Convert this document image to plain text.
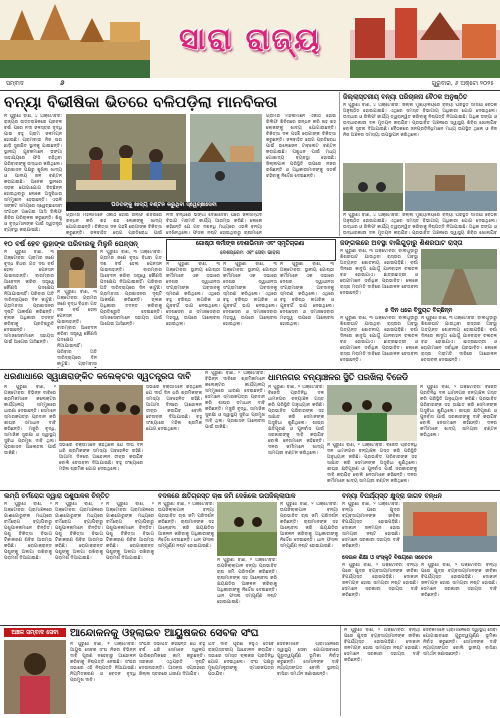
ସାରା ରାଜ୍ୟ
ସମ୍ବାଦ	୬	ଗୁରୁବାର, ୬ ଅକ୍ଟୋ ୨୦୨୫
ବନ୍ୟା ବିଭୀଷିକା ଭିତରେ ବଳିପଡ଼ିଲା ମାନବିକତା
ନ ପୁରୁଣା ବାଣି, ୪ ଅକ୍ଟୋବର: ରାଜ୍ୟର ଉତ୍ତରାଞ୍ଚଳରେ ପ୍ରବଳ ବର୍ଷା ପରେ ନଦୀ ଜଳସ୍ତର ବୃଦ୍ଧି ପାଇ ବହୁ ଗ୍ରାମ ଜଳମଗ୍ନ ହୋଇଛି। ଗ୍ରାମବାସୀ ନିଜ ଘର ଛାଡ଼ି ସୁରକ୍ଷିତ ସ୍ଥାନକୁ ଯାଇଛନ୍ତି। ସ୍ଥାନୀୟ ଯୁବକମାନେ ଡଙ୍ଗା ସାହାଯ୍ୟରେ ଫସି ରହିଥିବା ପରିବାରଙ୍କୁ ଉଦ୍ଧାର କରିଥିଲେ। ପ୍ରଶାସନ ପକ୍ଷରୁ ଶୁଖିଲା ଖାଦ୍ୟ ଓ ପାନୀୟ ଜଳ ବଣ୍ଟନ କରାଯାଇଛି। ଅନେକ ସ୍ଥାନରେ ସଡ଼କ ଯୋଗାଯୋଗ ବିଚ୍ଛିନ୍ନ ହୋଇଥିବାରୁ ଲୋକେ ଅସୁବିଧାର ସମ୍ମୁଖୀନ ହେଉଛନ୍ତି। ଏଭଳି ସଙ୍କଟ ସମୟରେ ସ୍ୱେଚ୍ଛାସେବୀ ସଂଗଠନ ଆଗେଇ ଆସି ରିଲିଫ ଶିବିର ପରିଚାଳନା କରୁଛନ୍ତି। ଶିଶୁ ଓ ବୃଦ୍ଧମାନଙ୍କ ପାଇଁ ସ୍ୱତନ୍ତ୍ର ବ୍ୟବସ୍ଥା କରାଯାଇଛି।
ପିଡିତଙ୍କୁ ଖାଦ୍ୟ ବଣ୍ଟନ କରୁଥିବା ସ୍ୱେଚ୍ଛାସେବୀ
ଗ୍ରାମର ମହିଳାମାନେ ଏକାଠି ହୋଇ ରିଲିଫ ଶିବିରରେ ରନ୍ଧନ କରି ଶହ ଶହ ଲୋକଙ୍କୁ ଖାଦ୍ୟ ଯୋଗାଉଛନ୍ତି। ଚିକିତ୍ସା ଦଳ ପହଞ୍ଚି ରୋଗୀଙ୍କ ଚିକିତ୍ସା କରୁଛନ୍ତି। ଜଳବାହିତ ରୋଗ ପ୍ରତିରୋଧ ପାଇଁ
ନଦୀ ବନ୍ଧରେ ଭଙ୍ଗା ଦେଖାଦେବା ପରେ ଜଳସମ୍ପଦ ବିଭାଗ ମରାମତି କାର୍ଯ୍ୟ ଆରମ୍ଭ କରିଛି। ଲୋକେ କହିଛନ୍ତି ଯେ ଗତ ଦଶନ୍ଧି ମଧ୍ୟରେ ଏଭଳି ବନ୍ୟା ଦେଖିନଥିଲେ। ଫସଲ ନଷ୍ଟ ହୋଇଥିବାରୁ ଚାଷୀମାନେ
ଗ୍ରାମର ମହିଳାମାନେ ଏକାଠି ହୋଇ ରିଲିଫ ଶିବିରରେ ରନ୍ଧନ କରି ଶହ ଶହ ଲୋକଙ୍କୁ ଖାଦ୍ୟ ଯୋଗାଉଛନ୍ତି। ଚିକିତ୍ସା ଦଳ ପହଞ୍ଚି ରୋଗୀଙ୍କ ଚିକିତ୍ସା କରୁଛନ୍ତି। ଜଳବାହିତ ରୋଗ ପ୍ରତିରୋଧ ପାଇଁ ହାଲୋଜେନ ଟାବଲେଟ ବଣ୍ଟନ କରାଯାଇଛି। ପଶୁଧନ ପାଇଁ ମଧ୍ୟ ଗୋଖାଦ୍ୟ ବ୍ୟବସ୍ଥା ହୋଇଛି। ଜିଲ୍ଲାପାଳ ପରିସ୍ଥିତି ଉପରେ ନଜର ରଖିଛନ୍ତି ଓ ଅଧିକାରୀମାନଙ୍କୁ ସତର୍କ ରହିବାକୁ ନିର୍ଦ୍ଦେଶ ଦେଇଛନ୍ତି।
ଜିଲ୍ଲାସ୍ତରୀୟ ବନ୍ୟା ପରିଚାଳନା ବୈଠକ ଅନୁଷ୍ଠିତ
ନ ପୁରୁଣା ବାଣି, ୪ ଅକ୍ଟୋବର: ଜିଲ୍ଲା ମୁଖ୍ୟାଳୟରେ ବନ୍ୟା ପରିସ୍ଥିତି ସମୀକ୍ଷା ବୈଠକ ଅନୁଷ୍ଠିତ ହୋଇଯାଇଛି। ଏଥିରେ ସମସ୍ତ ବିଭାଗୀୟ ଅଧିକାରୀ ଯୋଗ ଦେଇଥିଲେ। ଉଦ୍ଧାର ଓ ରିଲିଫ କାର୍ଯ୍ୟ ତ୍ୱରାନ୍ୱିତ କରିବାକୁ ନିଷ୍ପତ୍ତି ନିଆଯାଇଛି। ଅଧିକ ଡଙ୍ଗା ଓ ଉଦ୍ଧାରକାରୀ ଦଳ ମୁତୟନ କରାଯିବ। ପ୍ରଭାବିତ ଅଞ୍ଚଳରେ ସ୍ୱାସ୍ଥ୍ୟ ଶିବିର ଖୋଲାଯିବ ବୋଲି ସୂଚନା ଦିଆଯାଇଛି। ବୈଠକରେ ଜନପ୍ରତିନିଧିମାନେ ମଧ୍ୟ ଉପସ୍ଥିତ ଥିଲେ ଓ ନିଜ ନିଜ ଅଞ୍ଚଳର ସମସ୍ୟା ଉପସ୍ଥାପନ କରିଥିଲେ।
ନ ପୁରୁଣା ବାଣି, ୪ ଅକ୍ଟୋବର: ଜିଲ୍ଲା ମୁଖ୍ୟାଳୟରେ ବନ୍ୟା ପରିସ୍ଥିତି ସମୀକ୍ଷା ବୈଠକ ଅନୁଷ୍ଠିତ ହୋଇଯାଇଛି। ଏଥିରେ ସମସ୍ତ ବିଭାଗୀୟ ଅଧିକାରୀ ଯୋଗ ଦେଇଥିଲେ। ଉଦ୍ଧାର ଓ ରିଲିଫ କାର୍ଯ୍ୟ ତ୍ୱରାନ୍ୱିତ କରିବାକୁ ନିଷ୍ପତ୍ତି ନିଆଯାଇଛି। ଅଧିକ ଡଙ୍ଗା ଓ ଉଦ୍ଧାରକାରୀ ଦଳ ମୁତୟନ କରାଯିବ। ପ୍ରଭାବିତ ଅଞ୍ଚଳରେ ସ୍ୱାସ୍ଥ୍ୟ ଶିବିର ଖୋଲାଯିବ
୧୦ ବର୍ଷ ହେବ ଲୁହାଙ୍କ ପରିବାରକୁ ମିଳୁନି ପେନ୍‌ସନ୍
ନ ପୁରୁଣା ବାଣି, ୩ ଅକ୍ଟୋବର: ଗ୍ରାମର ଜଣେ ବୃଦ୍ଧ ବିଧବା ଗତ ଦଶ ବର୍ଷ ହେଲା ପେନସନ ପାଇନାହାନ୍ତି। ବାରମ୍ବାର ଆବେଦନ କରିବା ସତ୍ତ୍ୱେ କୌଣସି ପଦକ୍ଷେପ ନିଆଯାଇନାହିଁ। ପରିବାର ଅତି ଦାରିଦ୍ର୍ୟରେ ଦିନ କାଟୁଛି। ଗ୍ରାମବାସୀ ପ୍ରଶାସନର ଦୃଷ୍ଟି ଆକର୍ଷଣ କରିଛନ୍ତି। ବ୍ଲକ ଅଧିକାରୀ ତଦନ୍ତ କରିବାକୁ ପ୍ରତିଶ୍ରୁତି ଦେଇଛନ୍ତି। ସମାଜସେବୀମାନେ ସହାୟତା ପାଇଁ ଆଗେଇ ଆସିଛନ୍ତି।
ନ ପୁରୁଣା ବାଣି, ୩ ଅକ୍ଟୋବର: ଗ୍ରାମର ଜଣେ ବୃଦ୍ଧ ବିଧବା ଗତ ଦଶ ବର୍ଷ ହେଲା ପେନସନ ପାଇନାହାନ୍ତି। ବାରମ୍ବାର ଆବେଦନ କରିବା ସତ୍ତ୍ୱେ କୌଣସି ପଦକ୍ଷେପ ନିଆଯାଇନାହିଁ। ପରିବାର ଅତି ଦାରିଦ୍ର୍ୟରେ ଦିନ କାଟୁଛି। ଗ୍ରାମବାସୀ
ନ ପୁରୁଣା ବାଣି, ୩ ଅକ୍ଟୋବର: ଗ୍ରାମର ଜଣେ ବୃଦ୍ଧ ବିଧବା ଗତ ଦଶ ବର୍ଷ ହେଲା ପେନସନ ପାଇନାହାନ୍ତି। ବାରମ୍ବାର ଆବେଦନ କରିବା ସତ୍ତ୍ୱେ କୌଣସି ପଦକ୍ଷେପ ନିଆଯାଇନାହିଁ। ପରିବାର ଅତି ଦାରିଦ୍ର୍ୟରେ ଦିନ କାଟୁଛି। ଗ୍ରାମବାସୀ ପ୍ରଶାସନର ଦୃଷ୍ଟି ଆକର୍ଷଣ କରିଛନ୍ତି। ବ୍ଲକ ଅଧିକାରୀ ତଦନ୍ତ କରିବାକୁ ପ୍ରତିଶ୍ରୁତି ଦେଇଛନ୍ତି। ସମାଜସେବୀମାନେ ସହାୟତା ପାଇଁ ଆଗେଇ ଆସିଛନ୍ତି।
ଗୋଷ୍ଠୀ କର୍ମୀଙ୍କ ଦେଶାଭିମାନ ଏବଂ ସ୍ମୃତିଚାରଣା
ଦେଶପ୍ରେମ ଏବଂ ସେବା ଭାବନା
ନ ପୁରୁଣା ବାଣି, ୩ ଅକ୍ଟୋବର: ସ୍ଥାନୀୟ ଗୋଷ୍ଠୀ କର୍ମୀମାନେ ଏକ ସଭାରେ ଦେଶର ସ୍ୱାଧୀନତା ସଂଗ୍ରାମୀଙ୍କ ଅବଦାନକୁ ସ୍ମରଣ କରିଥିଲେ। ଏଥିରେ ବହୁ ବରିଷ୍ଠ ନାଗରିକ ଓ ଯୁବବର୍ଗ ଭାଗ ନେଇଥିଲେ। ଦେଶସେବା ଓ ସମାଜସେବାର ମହତ୍ତ୍ୱ ଉପରେ ଆଲୋଚନା ହୋଇଥିଲା।
ନ ପୁରୁଣା ବାଣି, ୩ ଅକ୍ଟୋବର: ସ୍ଥାନୀୟ ଗୋଷ୍ଠୀ କର୍ମୀମାନେ ଏକ ସଭାରେ ଦେଶର ସ୍ୱାଧୀନତା ସଂଗ୍ରାମୀଙ୍କ ଅବଦାନକୁ ସ୍ମରଣ କରିଥିଲେ। ଏଥିରେ ବହୁ ବରିଷ୍ଠ ନାଗରିକ ଓ ଯୁବବର୍ଗ ଭାଗ ନେଇଥିଲେ। ଦେଶସେବା ଓ ସମାଜସେବାର ମହତ୍ତ୍ୱ ଉପରେ ଆଲୋଚନା ହୋଇଥିଲା।
ନ ପୁରୁଣା ବାଣି, ୩ ଅକ୍ଟୋବର: ସ୍ଥାନୀୟ ଗୋଷ୍ଠୀ କର୍ମୀମାନେ ଏକ ସଭାରେ ଦେଶର ସ୍ୱାଧୀନତା ସଂଗ୍ରାମୀଙ୍କ ଅବଦାନକୁ ସ୍ମରଣ କରିଥିଲେ। ଏଥିରେ ବହୁ ବରିଷ୍ଠ ନାଗରିକ ଓ ଯୁବବର୍ଗ ଭାଗ ନେଇଥିଲେ। ଦେଶସେବା ଓ ସମାଜସେବାର ମହତ୍ତ୍ୱ ଉପରେ ଆଲୋଚନା ହୋଇଥିଲା।
ଜଙ୍ଗଲରେ ଅବସ୍ଥା ବାଲିଗୁଡ଼ାରୁ ଶିଶରଘାଟ ରାସ୍ତା
ନ ପୁରୁଣା ବାଣି, ୩ ଅକ୍ଟୋବର: ବାଲିଗୁଡ଼ାରୁ ଶିଶରଘାଟ ଯାଉଥିବା ରାସ୍ତାର ଅବସ୍ଥା ଅତ୍ୟନ୍ତ ଶୋଚନୀୟ ହୋଇପଡ଼ିଛି। ବର୍ଷା ଦିନରେ କାଦୁଅ ଯୋଗୁଁ ଯାନବାହନ ଚଳାଚଳ ବନ୍ଦ ହୋଇଯାଏ। ଛାତ୍ରଛାତ୍ରୀ ଓ ରୋଗୀମାନେ ସର୍ବାଧିକ ପ୍ରଭାବିତ। ଲୋକେ ରାସ୍ତା ମରାମତି ଦାବିରେ ଆନ୍ଦୋଳନ ଚେତାବନୀ ଦେଇଛନ୍ତି।
୫ ଦିନ ଧରେ ବିଦ୍ୟୁତ ବିଚ୍ଛିନ୍ନ
ନ ପୁରୁଣା ବାଣି, ୩ ଅକ୍ଟୋବର: ବାଲିଗୁଡ଼ାରୁ ଶିଶରଘାଟ ଯାଉଥିବା ରାସ୍ତାର ଅବସ୍ଥା ଅତ୍ୟନ୍ତ ଶୋଚନୀୟ ହୋଇପଡ଼ିଛି। ବର୍ଷା ଦିନରେ କାଦୁଅ ଯୋଗୁଁ ଯାନବାହନ ଚଳାଚଳ ବନ୍ଦ ହୋଇଯାଏ। ଛାତ୍ରଛାତ୍ରୀ ଓ ରୋଗୀମାନେ ସର୍ବାଧିକ ପ୍ରଭାବିତ। ଲୋକେ ରାସ୍ତା ମରାମତି ଦାବିରେ ଆନ୍ଦୋଳନ ଚେତାବନୀ ଦେଇଛନ୍ତି।
ନ ପୁରୁଣା ବାଣି, ୩ ଅକ୍ଟୋବର: ବାଲିଗୁଡ଼ାରୁ ଶିଶରଘାଟ ଯାଉଥିବା ରାସ୍ତାର ଅବସ୍ଥା ଅତ୍ୟନ୍ତ ଶୋଚନୀୟ ହୋଇପଡ଼ିଛି। ବର୍ଷା ଦିନରେ କାଦୁଅ ଯୋଗୁଁ ଯାନବାହନ ଚଳାଚଳ ବନ୍ଦ ହୋଇଯାଏ। ଛାତ୍ରଛାତ୍ରୀ ଓ ରୋଗୀମାନେ ସର୍ବାଧିକ ପ୍ରଭାବିତ। ଲୋକେ ରାସ୍ତା ମରାମତି ଦାବିରେ ଆନ୍ଦୋଳନ ଚେତାବନୀ ଦେଇଛନ୍ତି।
ଧରଣାଧାରେ ସ୍ୱାକ୍ଷରାଙ୍କିତ କଲେକ୍ଟର ସ୍ୱତନ୍ତ୍ରତା ଦାବି
ନ ପୁରୁଣା ବାଣି, ୨ ଅକ୍ଟୋବର: ବିଭିନ୍ନ ଦାବିରେ ଶ୍ରମିକମାନେ କଲେକ୍ଟର କାର୍ଯ୍ୟାଳୟ ସମ୍ମୁଖରେ ଧାରଣା ଦେଇଛନ୍ତି। ସେମାନେ ସ୍ମାରକପତ୍ର ପ୍ରଦାନ କରି ଶୀଘ୍ର ସମାଧାନ ଦାବି କରିଛନ୍ତି। ମଜୁରି ବୃଦ୍ଧି, ସାମାଜିକ ସୁରକ୍ଷା ଓ ସ୍ୱାସ୍ଥ୍ୟ ସୁବିଧା ପ୍ରମୁଖ ଦାବି ଥିଲା। ପ୍ରଶାସନ ଆଲୋଚନା ପାଇଁ ଡାକିଛି।
ସଭାରେ ବକ୍ତାମାନେ କହିଥିଲେ ଯେ ଦୀର୍ଘ ଦିନ ଧରି ଶ୍ରମିକଙ୍କ ସମସ୍ୟା ଅବହେଳିତ ରହିଛି। ଆଗାମୀ ଦିନରେ ଆନ୍ଦୋଳନ ତୀବ୍ର କରାଯିବ ବୋଲି ଚେତାବନୀ ଦିଆଯାଇଛି। ବହୁ ସଂଖ୍ୟାରେ ମହିଳା ଶ୍ରମିକ ଯୋଗ ଦେଇଥିଲେ।
ସଭାରେ ବକ୍ତାମାନେ କହିଥିଲେ ଯେ ଦୀର୍ଘ ଦିନ ଧରି ଶ୍ରମିକଙ୍କ ସମସ୍ୟା ଅବହେଳିତ ରହିଛି। ଆଗାମୀ ଦିନରେ ଆନ୍ଦୋଳନ ତୀବ୍ର କରାଯିବ ବୋଲି ଚେତାବନୀ ଦିଆଯାଇଛି। ବହୁ ସଂଖ୍ୟାରେ ମହିଳା ଶ୍ରମିକ ଯୋଗ ଦେଇଥିଲେ।
ନ ପୁରୁଣା ବାଣି, ୨ ଅକ୍ଟୋବର: ବିଭିନ୍ନ ଦାବିରେ ଶ୍ରମିକମାନେ କଲେକ୍ଟର କାର୍ଯ୍ୟାଳୟ ସମ୍ମୁଖରେ ଧାରଣା ଦେଇଛନ୍ତି। ସେମାନେ ସ୍ମାରକପତ୍ର ପ୍ରଦାନ କରି ଶୀଘ୍ର ସମାଧାନ ଦାବି କରିଛନ୍ତି। ମଜୁରି ବୃଦ୍ଧି, ସାମାଜିକ ସୁରକ୍ଷା ଓ ସ୍ୱାସ୍ଥ୍ୟ ସୁବିଧା ପ୍ରମୁଖ ଦାବି ଥିଲା। ପ୍ରଶାସନ ଆଲୋଚନା ପାଇଁ ଡାକିଛି।
ଧାମନଗର ବନ୍ୟାଞ୍ଚଳର ସ୍ଥିତି ପରଖିଲା ବିଜେଡି
ନ ପୁରୁଣା ବାଣି, ୨ ଅକ୍ଟୋବର: ବିଜେଡି ପ୍ରତିନିଧି ଦଳ ଧାମନଗର ବନ୍ୟାଞ୍ଚଳ ଗସ୍ତ କରି ପରିସ୍ଥିତି ଅନୁଧ୍ୟାନ କରିଛି। ପ୍ରଭାବିତ ପରିବାରଙ୍କ ସହ ସାକ୍ଷାତ କରି ସେମାନଙ୍କ ଅସୁବିଧା ଶୁଣିଥିଲେ। ଶୀଘ୍ର କ୍ଷତିପୂରଣ ଓ ପୁନର୍ବାସ ପାଇଁ ସରକାରଙ୍କୁ ଦାବି କରାଯିବ ବୋଲି ନେତାମାନେ କହିଛନ୍ତି। ଦଳର କର୍ମୀମାନେ ଖାଦ୍ୟ ସାମଗ୍ରୀ ବଣ୍ଟନ କରିଥିଲେ।
ନ ପୁରୁଣା ବାଣି, ୨ ଅକ୍ଟୋବର: ବିଜେଡି ପ୍ରତିନିଧି ଦଳ ଧାମନଗର ବନ୍ୟାଞ୍ଚଳ ଗସ୍ତ କରି ପରିସ୍ଥିତି ଅନୁଧ୍ୟାନ କରିଛି। ପ୍ରଭାବିତ ପରିବାରଙ୍କ ସହ ସାକ୍ଷାତ କରି ସେମାନଙ୍କ ଅସୁବିଧା ଶୁଣିଥିଲେ। ଶୀଘ୍ର କ୍ଷତିପୂରଣ ଓ ପୁନର୍ବାସ ପାଇଁ ସରକାରଙ୍କୁ ଦାବି କରାଯିବ ବୋଲି ନେତାମାନେ କହିଛନ୍ତି। ଦଳର କର୍ମୀମାନେ ଖାଦ୍ୟ ସାମଗ୍ରୀ ବଣ୍ଟନ କରିଥିଲେ।
ନ ପୁରୁଣା ବାଣି, ୨ ଅକ୍ଟୋବର: ବିଜେଡି ପ୍ରତିନିଧି ଦଳ ଧାମନଗର ବନ୍ୟାଞ୍ଚଳ ଗସ୍ତ କରି ପରିସ୍ଥିତି ଅନୁଧ୍ୟାନ କରିଛି। ପ୍ରଭାବିତ ପରିବାରଙ୍କ ସହ ସାକ୍ଷାତ କରି ସେମାନଙ୍କ ଅସୁବିଧା ଶୁଣିଥିଲେ। ଶୀଘ୍ର କ୍ଷତିପୂରଣ ଓ ପୁନର୍ବାସ ପାଇଁ ସରକାରଙ୍କୁ ଦାବି କରାଯିବ ବୋଲି ନେତାମାନେ କହିଛନ୍ତି। ଦଳର କର୍ମୀମାନେ ଖାଦ୍ୟ ସାମଗ୍ରୀ ବଣ୍ଟନ କରିଥିଲେ।
ଲମ୍ପି ଚର୍ମରୋଗ ଦ୍ୱାରା ପଶୁପାଳକ ଚିନ୍ତିତ
ନ ପୁରୁଣା ବାଣି, ୨ ଅକ୍ଟୋବର: ଗ୍ରାମାଞ୍ଚଳରେ ଗାଈଗୋରୁଙ୍କ ମଧ୍ୟରେ ଚର୍ମରୋଗ ବ୍ୟାପିବାରୁ ପଶୁପାଳକମାନେ ଚିନ୍ତିତ। ପଶୁ ଚିକିତ୍ସା ବିଭାଗ ଟିକାକରଣ ଶିବିର ଆରମ୍ଭ କରିଛି। ରୋଗାକ୍ରାନ୍ତ ପଶୁଙ୍କୁ ଅଲଗା ରଖିବାକୁ ପରାମର୍ଶ ଦିଆଯାଇଛି।
ନ ପୁରୁଣା ବାଣି, ୨ ଅକ୍ଟୋବର: ଗ୍ରାମାଞ୍ଚଳରେ ଗାଈଗୋରୁଙ୍କ ମଧ୍ୟରେ ଚର୍ମରୋଗ ବ୍ୟାପିବାରୁ ପଶୁପାଳକମାନେ ଚିନ୍ତିତ। ପଶୁ ଚିକିତ୍ସା ବିଭାଗ ଟିକାକରଣ ଶିବିର ଆରମ୍ଭ କରିଛି। ରୋଗାକ୍ରାନ୍ତ ପଶୁଙ୍କୁ ଅଲଗା ରଖିବାକୁ ପରାମର୍ଶ ଦିଆଯାଇଛି।
ନ ପୁରୁଣା ବାଣି, ୨ ଅକ୍ଟୋବର: ଗ୍ରାମାଞ୍ଚଳରେ ଗାଈଗୋରୁଙ୍କ ମଧ୍ୟରେ ଚର୍ମରୋଗ ବ୍ୟାପିବାରୁ ପଶୁପାଳକମାନେ ଚିନ୍ତିତ। ପଶୁ ଚିକିତ୍ସା ବିଭାଗ ଟିକାକରଣ ଶିବିର ଆରମ୍ଭ କରିଛି। ରୋଗାକ୍ରାନ୍ତ ପଶୁଙ୍କୁ ଅଲଗା ରଖିବାକୁ ପରାମର୍ଶ ଦିଆଯାଇଛି।
ବଦଳରେ କ୍ଷତିଗ୍ରସ୍ତ ଚାଷ ଜମି ଦେଖିଲେ ଉପଜିଲ୍ଲାପାଳ
ନ ପୁରୁଣା ବାଣି, ୨ ଅକ୍ଟୋବର: ଉପଜିଲ୍ଲାପାଳ ବନ୍ୟା ପ୍ରଭାବିତ ଚାଷ ଜମି ପରିଦର୍ଶନ କରିଛନ୍ତି। ଚାଷୀମାନଙ୍କ ସହ ଆଲୋଚନା କରି କ୍ଷୟକ୍ଷତିର ଆକଳନ କରିବାକୁ ଅଧିକାରୀଙ୍କୁ ନିର୍ଦ୍ଦେଶ ଦେଇଛନ୍ତି। ଧାନ ଫସଲ ସମ୍ପୂର୍ଣ୍ଣ ନଷ୍ଟ ହୋଇଯାଇଛି।
ନ ପୁରୁଣା ବାଣି, ୨ ଅକ୍ଟୋବର: ଉପଜିଲ୍ଲାପାଳ ବନ୍ୟା ପ୍ରଭାବିତ ଚାଷ ଜମି ପରିଦର୍ଶନ କରିଛନ୍ତି। ଚାଷୀମାନଙ୍କ ସହ ଆଲୋଚନା କରି କ୍ଷୟକ୍ଷତିର ଆକଳନ କରିବାକୁ ଅଧିକାରୀଙ୍କୁ ନିର୍ଦ୍ଦେଶ ଦେଇଛନ୍ତି। ଧାନ ଫସଲ ସମ୍ପୂର୍ଣ୍ଣ ନଷ୍ଟ ହୋଇଯାଇଛି।
ନ ପୁରୁଣା ବାଣି, ୨ ଅକ୍ଟୋବର: ଉପଜିଲ୍ଲାପାଳ ବନ୍ୟା ପ୍ରଭାବିତ ଚାଷ ଜମି ପରିଦର୍ଶନ କରିଛନ୍ତି। ଚାଷୀମାନଙ୍କ ସହ ଆଲୋଚନା କରି କ୍ଷୟକ୍ଷତିର ଆକଳନ କରିବାକୁ ଅଧିକାରୀଙ୍କୁ ନିର୍ଦ୍ଦେଶ ଦେଇଛନ୍ତି। ଧାନ ଫସଲ ସମ୍ପୂର୍ଣ୍ଣ ନଷ୍ଟ ହୋଇଯାଇଛି।
ବନ୍ୟା ବିପର୍ଯ୍ୟସ୍ତ କ୍ଷୁଦ୍ରା ଜାଗବ ବନ୍ଧନ
ନ ପୁରୁଣା ବାଣି, ୨ ଅକ୍ଟୋବର: ବନ୍ୟା ପରେ କ୍ଷୁଦ୍ର ବ୍ୟବସାୟୀମାନଙ୍କ ଜୀବିକା ବିପର୍ଯ୍ୟସ୍ତ ହୋଇପଡ଼ିଛି। ଦୋକାନ ଜଳମଗ୍ନ ହୋଇ ସାମଗ୍ରୀ ନଷ୍ଟ ହୋଇଛି। ସେମାନେ ସରକାରୀ ସହାୟତା ଦାବି କରିଛନ୍ତି।
ଦେଉଳ ଶିକ୍ଷା ଓ ସଂସ୍କୃତି ବିଷୟରେ ସଚେତନ
ନ ପୁରୁଣା ବାଣି, ୨ ଅକ୍ଟୋବର: ବନ୍ୟା ପରେ କ୍ଷୁଦ୍ର ବ୍ୟବସାୟୀମାନଙ୍କ ଜୀବିକା ବିପର୍ଯ୍ୟସ୍ତ ହୋଇପଡ଼ିଛି। ଦୋକାନ ଜଳମଗ୍ନ ହୋଇ ସାମଗ୍ରୀ ନଷ୍ଟ ହୋଇଛି। ସେମାନେ ସରକାରୀ ସହାୟତା ଦାବି କରିଛନ୍ତି।
ନ ପୁରୁଣା ବାଣି, ୨ ଅକ୍ଟୋବର: ବନ୍ୟା ପରେ କ୍ଷୁଦ୍ର ବ୍ୟବସାୟୀମାନଙ୍କ ଜୀବିକା ବିପର୍ଯ୍ୟସ୍ତ ହୋଇପଡ଼ିଛି। ଦୋକାନ ଜଳମଗ୍ନ ହୋଇ ସାମଗ୍ରୀ ନଷ୍ଟ ହୋଇଛି। ସେମାନେ ସରକାରୀ ସହାୟତା ଦାବି କରିଛନ୍ତି।
ଅଞ୍ଚଳ ସମ୍ବାଦ ସେବା	ଆନ୍ଦୋଳନକୁ ଓହ୍ଲାଇବ ଆୟୁଷକର ସେବକ ସଂଘ
ନ ପୁରୁଣା ବାଣି, ୧ ଅକ୍ଟୋବର: ଆୟୁଷ ସେବକ ସଂଘ ନିଜର ବିଭିନ୍ନ ଦାବି ପୂରଣ ନହେବାରୁ ଆନ୍ଦୋଳନ କରିବାକୁ ନିଷ୍ପତ୍ତି ନେଇଛି। ସଂଘର ସଭାରେ ଏହି ନିଷ୍ପତ୍ତି ନିଆଯାଇଛି। ନିୟମିତକରଣ ଓ ବେତନ ବୃଦ୍ଧି ପ୍ରମୁଖ ଦାବି।
ସଂଘର ସଭାପତି କହିଛନ୍ତି ଯେ ବହୁ ବର୍ଷ ଧରି ସେମାନେ ସ୍ୱଳ୍ପ ପାରିଶ୍ରମିକରେ କାମ କରୁଛନ୍ତି। ସରକାର ଏଥିପ୍ରତି ଦୃଷ୍ଟି ଦେଉନାହାନ୍ତି। ଆସନ୍ତା ସପ୍ତାହରେ ଜିଲ୍ଲା ସ୍ତରରେ ଧାରଣା ଦିଆଯିବ।
ଯଦି ଦାବି ପୂରଣ ନହୁଏ ତେବେ ରାଜ୍ୟସ୍ତରୀୟ ଆନ୍ଦୋଳନ କରାଯିବ। ସଭାରେ ସମସ୍ତ ବ୍ଲକର ପ୍ରତିନିଧି ଯୋଗ ଦେଇଥିଲେ। ସଂଘ ପକ୍ଷରୁ ମୁଖ୍ୟମନ୍ତ୍ରୀଙ୍କୁ ସ୍ମାରକପତ୍ର ପଠାଯିବ।
ସେବକମାନେ ଗ୍ରାମାଞ୍ଚଳରେ ସ୍ୱାସ୍ଥ୍ୟ ସେବା ଯୋଗାଇବାରେ ଗୁରୁତ୍ୱପୂର୍ଣ୍ଣ ଭୂମିକା ନିର୍ବାହ କରୁଛନ୍ତି। ସେମାନଙ୍କ ଦାବି ନ୍ୟାୟସଙ୍ଗତ ବୋଲି ସ୍ଥାନୀୟ ବାସିନ୍ଦା ସମର୍ଥନ ଜଣାଇଛନ୍ତି।
ନ ପୁରୁଣା ବାଣି, ୨ ଅକ୍ଟୋବର: ବନ୍ୟା ପରେ କ୍ଷୁଦ୍ର ବ୍ୟବସାୟୀମାନଙ୍କ ଜୀବିକା ବିପର୍ଯ୍ୟସ୍ତ ହୋଇପଡ଼ିଛି। ଦୋକାନ ଜଳମଗ୍ନ ହୋଇ ସାମଗ୍ରୀ ନଷ୍ଟ ହୋଇଛି। ସେମାନେ ସରକାରୀ ସହାୟତା ଦାବି କରିଛନ୍ତି।
ସେବକମାନେ ଗ୍ରାମାଞ୍ଚଳରେ ସ୍ୱାସ୍ଥ୍ୟ ସେବା ଯୋଗାଇବାରେ ଗୁରୁତ୍ୱପୂର୍ଣ୍ଣ ଭୂମିକା ନିର୍ବାହ କରୁଛନ୍ତି। ସେମାନଙ୍କ ଦାବି ନ୍ୟାୟସଙ୍ଗତ ବୋଲି ସ୍ଥାନୀୟ ବାସିନ୍ଦା ସମର୍ଥନ ଜଣାଇଛନ୍ତି।
